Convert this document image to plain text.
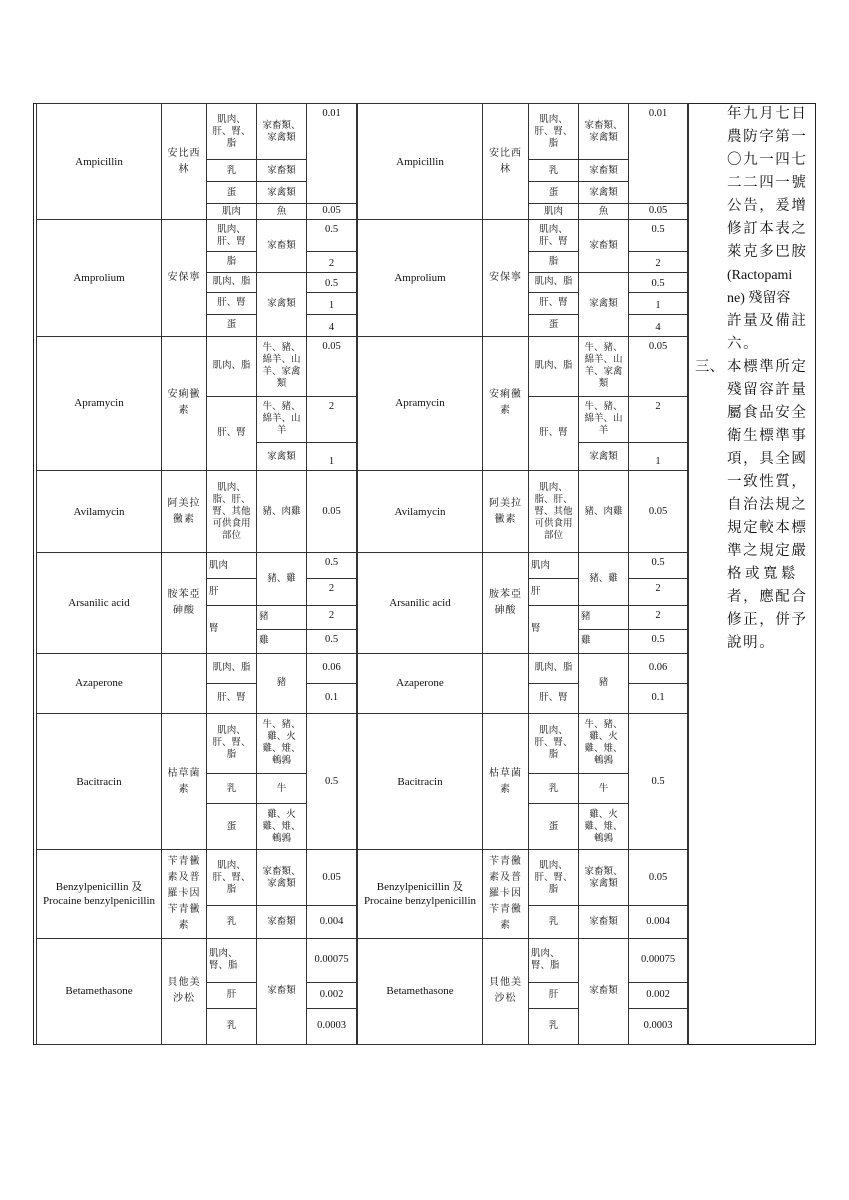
Ampicillin	安比西林	肌肉、肝、腎、脂	家畜類、家禽類	0.01
		乳	家畜類	
		蛋	家禽類	
		肌肉	魚	0.05
Amprolium	安保寧	肌肉、肝、腎	家畜類	0.5
		脂		2
		肌肉、脂	家禽類	0.5
		肝、腎		1
		蛋		4
Apramycin	安痢黴素	肌肉、脂	牛、豬、綿羊、山羊、家禽類	0.05
		肝、腎	牛、豬、綿羊、山羊	2
			家禽類	1
Avilamycin	阿美拉黴素	肌肉、脂、肝、腎、其他可供食用部位	豬、肉雞	0.05
Arsanilic acid	胺苯亞砷酸	肌肉	豬、雞	0.5
		肝		2
		腎	豬	2
			雞	0.5
Azaperone		肌肉、脂	豬	0.06
		肝、腎		0.1
Bacitracin	枯草菌素	肌肉、肝、腎、脂	牛、豬、雞、火雞、雉、鵪鶉	0.5
		乳	牛	
		蛋	雞、火雞、雉、鵪鶉	
Benzylpenicillin 及 Procaine benzylpenicillin	苄青黴素及普羅卡因苄青黴素	肌肉、肝、腎、脂	家畜類、家禽類	0.05
		乳	家畜類	0.004
Betamethasone	貝他美沙松	肌肉、腎、脂	家畜類	0.00075
		肝		0.002
		乳		0.0003
Ampicillin	安比西林	肌肉、肝、腎、脂	家畜類、家禽類	0.01
		乳	家畜類	
		蛋	家禽類	
		肌肉	魚	0.05
Amprolium	安保寧	肌肉、肝、腎	家畜類	0.5
		脂		2
		肌肉、脂	家禽類	0.5
		肝、腎		1
		蛋		4
Apramycin	安痢黴素	肌肉、脂	牛、豬、綿羊、山羊、家禽類	0.05
		肝、腎	牛、豬、綿羊、山羊	2
			家禽類	1
Avilamycin	阿美拉黴素	肌肉、脂、肝、腎、其他可供食用部位	豬、肉雞	0.05
Arsanilic acid	胺苯亞砷酸	肌肉	豬、雞	0.5
		肝		2
		腎	豬	2
			雞	0.5
Azaperone		肌肉、脂	豬	0.06
		肝、腎		0.1
Bacitracin	枯草菌素	肌肉、肝、腎、脂	牛、豬、雞、火雞、雉、鵪鶉	0.5
		乳	牛	
		蛋	雞、火雞、雉、鵪鶉	
Benzylpenicillin 及 Procaine benzylpenicillin	苄青黴素及普羅卡因苄青黴素	肌肉、肝、腎、脂	家畜類、家禽類	0.05
		乳	家畜類	0.004
Betamethasone	貝他美沙松	肌肉、腎、脂	家畜類	0.00075
		肝		0.002
		乳		0.0003
年九月七日
農防字第一
〇九一四七
二二四一號
公告，爰增
修訂本表之
萊克多巴胺
(Ractopami
ne) 殘留容
許量及備註
六。
三、 本標準所定
殘留容許量
屬食品安全
衛生標準事
項，具全國
一致性質，
自治法規之
規定較本標
準之規定嚴
格或寬鬆
者，應配合
修正，併予
說明。
